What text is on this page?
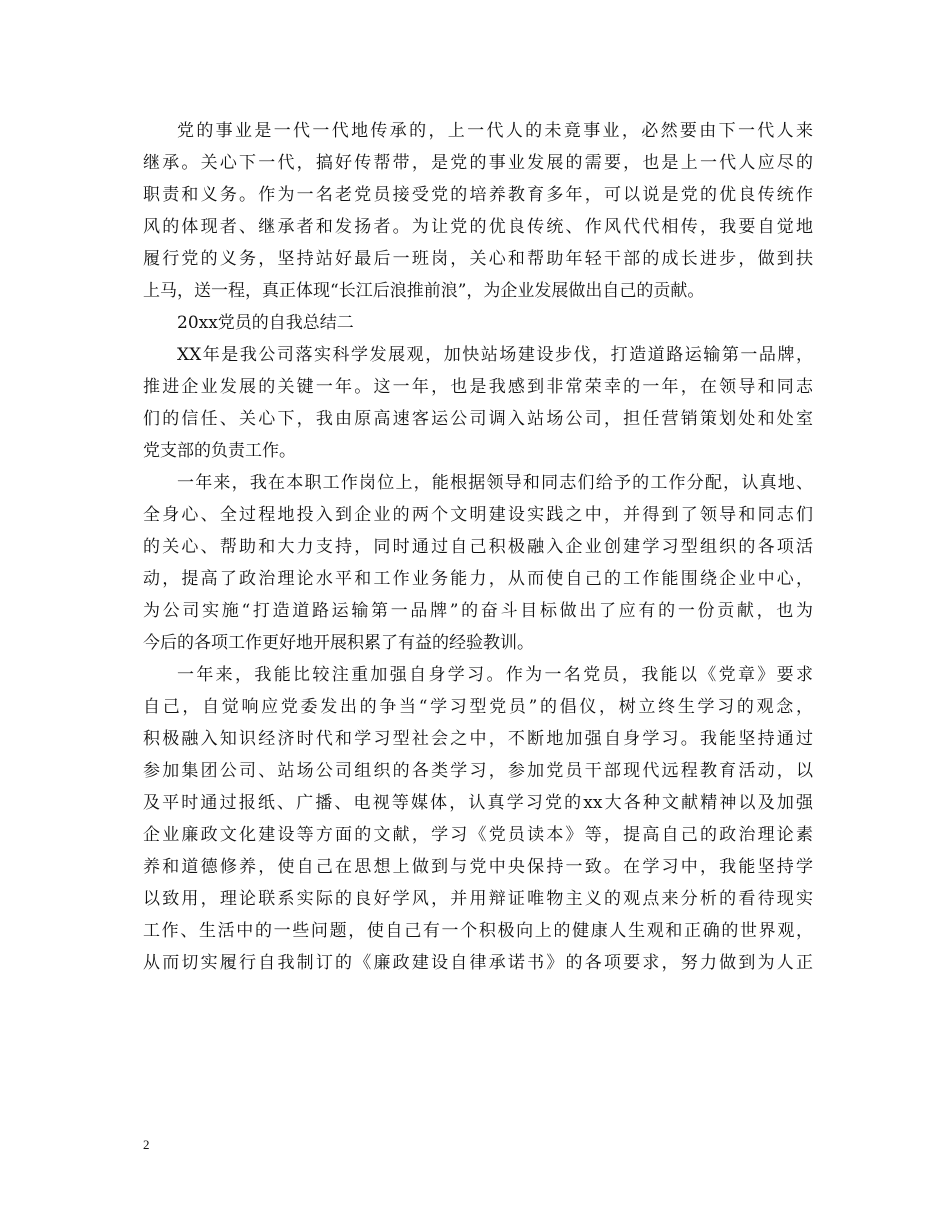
党的事业是一代一代地传承的，上一代人的未竟事业，必然要由下一代人来
继承。关心下一代，搞好传帮带，是党的事业发展的需要，也是上一代人应尽的
职责和义务。作为一名老党员接受党的培养教育多年，可以说是党的优良传统作
风的体现者、继承者和发扬者。为让党的优良传统、作风代代相传，我要自觉地
履行党的义务，坚持站好最后一班岗，关心和帮助年轻干部的成长进步，做到扶
上马，送一程，真正体现“长江后浪推前浪”，为企业发展做出自己的贡献。
20xx党员的自我总结二
XX年是我公司落实科学发展观，加快站场建设步伐，打造道路运输第一品牌，
推进企业发展的关键一年。这一年，也是我感到非常荣幸的一年，在领导和同志
们的信任、关心下，我由原高速客运公司调入站场公司，担任营销策划处和处室
党支部的负责工作。
一年来，我在本职工作岗位上，能根据领导和同志们给予的工作分配，认真地、
全身心、全过程地投入到企业的两个文明建设实践之中，并得到了领导和同志们
的关心、帮助和大力支持，同时通过自己积极融入企业创建学习型组织的各项活
动，提高了政治理论水平和工作业务能力，从而使自己的工作能围绕企业中心，
为公司实施“打造道路运输第一品牌”的奋斗目标做出了应有的一份贡献，也为
今后的各项工作更好地开展积累了有益的经验教训。
一年来，我能比较注重加强自身学习。作为一名党员，我能以《党章》要求
自己，自觉响应党委发出的争当“学习型党员”的倡仪，树立终生学习的观念，
积极融入知识经济时代和学习型社会之中，不断地加强自身学习。我能坚持通过
参加集团公司、站场公司组织的各类学习，参加党员干部现代远程教育活动，以
及平时通过报纸、广播、电视等媒体，认真学习党的xx大各种文献精神以及加强
企业廉政文化建设等方面的文献，学习《党员读本》等，提高自己的政治理论素
养和道德修养，使自己在思想上做到与党中央保持一致。在学习中，我能坚持学
以致用，理论联系实际的良好学风，并用辩证唯物主义的观点来分析的看待现实
工作、生活中的一些问题，使自己有一个积极向上的健康人生观和正确的世界观，
从而切实履行自我制订的《廉政建设自律承诺书》的各项要求，努力做到为人正
2
